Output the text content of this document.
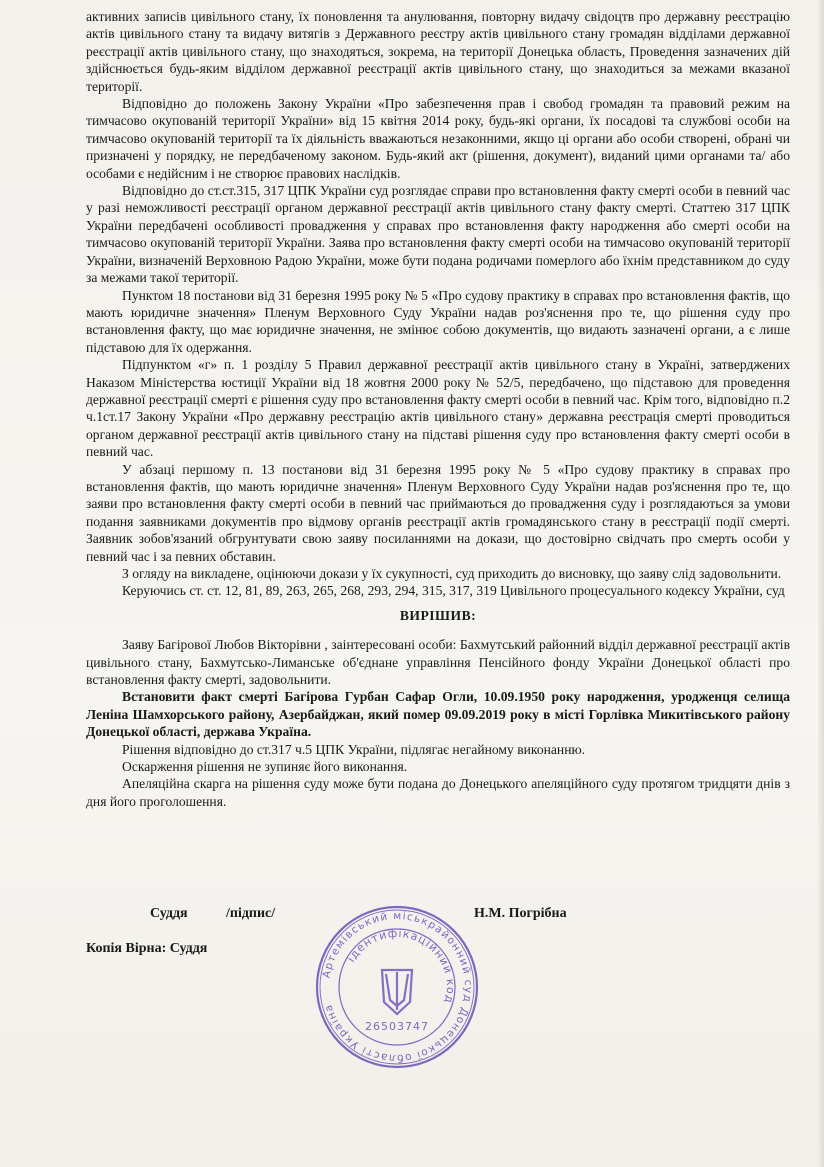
активних записів цивільного стану, їх поновлення та анулювання, повторну видачу свідоцтв про державну реєстрацію актів цивільного стану та видачу витягів з Державного реєстру актів цивільного стану громадян відділами державної реєстрації актів цивільного стану, що знаходяться, зокрема, на території Донецька область, Проведення зазначених дій здійснюється будь-яким відділом державної реєстрації актів цивільного стану, що знаходиться за межами вказаної території.

Відповідно до положень Закону України «Про забезпечення прав і свобод громадян та правовий режим на тимчасово окупованій території України» від 15 квітня 2014 року, будь-які органи, їх посадові та службові особи на тимчасово окупованій території та їх діяльність вважаються незаконними, якщо ці органи або особи створені, обрані чи призначені у порядку, не передбаченому законом. Будь-який акт (рішення, документ), виданий цими органами та/ або особами є недійсним і не створює правових наслідків.

Відповідно до ст.ст.315, 317 ЦПК України суд розглядає справи про встановлення факту смерті особи в певний час у разі неможливості реєстрації органом державної реєстрації актів цивільного стану факту смерті. Статтею 317 ЦПК України передбачені особливості провадження у справах про встановлення факту народження або смерті особи на тимчасово окупованій території України. Заява про встановлення факту смерті особи на тимчасово окупованій території України, визначеній Верховною Радою України, може бути подана родичами померлого або їхнім представником до суду за межами такої території.

Пунктом 18 постанови від 31 березня 1995 року № 5 «Про судову практику в справах про встановлення фактів, що мають юридичне значення» Пленум Верховного Суду України надав роз'яснення про те, що рішення суду про встановлення факту, що має юридичне значення, не змінює собою документів, що видають зазначені органи, а є лише підставою для їх одержання.

Підпунктом «г» п. 1 розділу 5 Правил державної реєстрації актів цивільного стану в Україні, затверджених Наказом Міністерства юстиції України від 18 жовтня 2000 року № 52/5, передбачено, що підставою для проведення державної реєстрації смерті є рішення суду про встановлення факту смерті особи в певний час. Крім того, відповідно п.2 ч.1ст.17 Закону України «Про державну реєстрацію актів цивільного стану» державна реєстрація смерті проводиться органом державної реєстрації актів цивільного стану на підставі рішення суду про встановлення факту смерті особи в певний час.

У абзаці першому п. 13 постанови від 31 березня 1995 року № 5 «Про судову практику в справах про встановлення фактів, що мають юридичне значення» Пленум Верховного Суду України надав роз'яснення про те, що заяви про встановлення факту смерті особи в певний час приймаються до провадження суду і розглядаються за умови подання заявниками документів про відмову органів реєстрації актів громадянського стану в реєстрації події смерті. Заявник зобов'язаний обгрунтувати свою заяву посиланнями на докази, що достовірно свідчать про смерть особи у певний час і за певних обставин.

З огляду на викладене, оцінюючи докази у їх сукупності, суд приходить до висновку, що заяву слід задовольнити.

Керуючись ст. ст. 12, 81, 89, 263, 265, 268, 293, 294, 315, 317, 319 Цивільного процесуального кодексу України, суд

ВИРІШИВ:

Заяву Багірової Любов Вікторівни , заінтересовані особи: Бахмутський районний відділ державної реєстрації актів цивільного стану, Бахмутсько-Лиманське об'єднане управління Пенсійного фонду України Донецької області про встановлення факту смерті, задовольнити.

Встановити факт смерті Багірова Гурбан Сафар Огли, 10.09.1950 року народження, уродженця селища Леніна Шамхорського району, Азербайджан, який помер 09.09.2019 року в місті Горлівка Микитівського району Донецької області, держава Україна.

Рішення відповідно до ст.317 ч.5 ЦПК України, підлягає негайному виконанню.

Оскарження рішення не зупиняє його виконання.

Апеляційна скарга на рішення суду може бути подана до Донецького апеляційного суду протягом тридцяти днів з дня його проголошення.

Суддя	/підпис/	Н.М. Погрібна
Копія Вірна: Суддя
Артемівський міськрайонний суд Донецької області Україна
ідентифікаційний код
26503747
